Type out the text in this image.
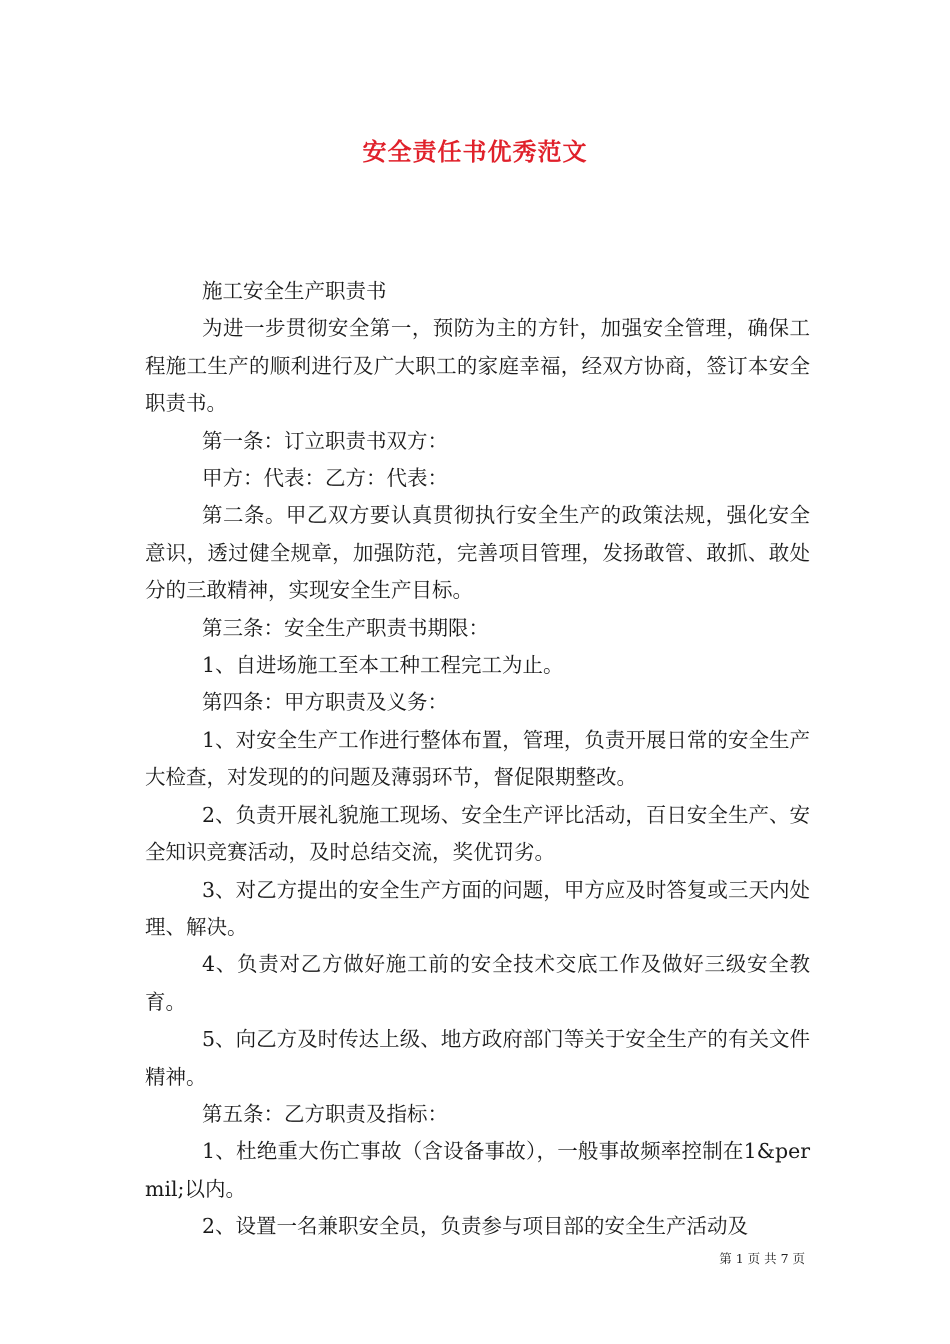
安全责任书优秀范文

施工安全生产职责书

为进一步贯彻安全第一，预防为主的方针，加强安全管理，确保工程施工生产的顺利进行及广大职工的家庭幸福，经双方协商，签订本安全职责书。

第一条：订立职责书双方：

甲方：代表：乙方：代表：

第二条。甲乙双方要认真贯彻执行安全生产的政策法规，强化安全意识，透过健全规章，加强防范，完善项目管理，发扬敢管、敢抓、敢处分的三敢精神，实现安全生产目标。

第三条：安全生产职责书期限：

1、自进场施工至本工种工程完工为止。

第四条：甲方职责及义务：

1、对安全生产工作进行整体布置，管理，负责开展日常的安全生产大检查，对发现的的问题及薄弱环节，督促限期整改。

2、负责开展礼貌施工现场、安全生产评比活动，百日安全生产、安全知识竞赛活动，及时总结交流，奖优罚劣。

3、对乙方提出的安全生产方面的问题，甲方应及时答复或三天内处理、解决。

4、负责对乙方做好施工前的安全技术交底工作及做好三级安全教育。

5、向乙方及时传达上级、地方政府部门等关于安全生产的有关文件精神。

第五条：乙方职责及指标：

1、杜绝重大伤亡事故（含设备事故），一般事故频率控制在1&permil;以内。

2、设置一名兼职安全员，负责参与项目部的安全生产活动及

第 1 页 共 7 页
